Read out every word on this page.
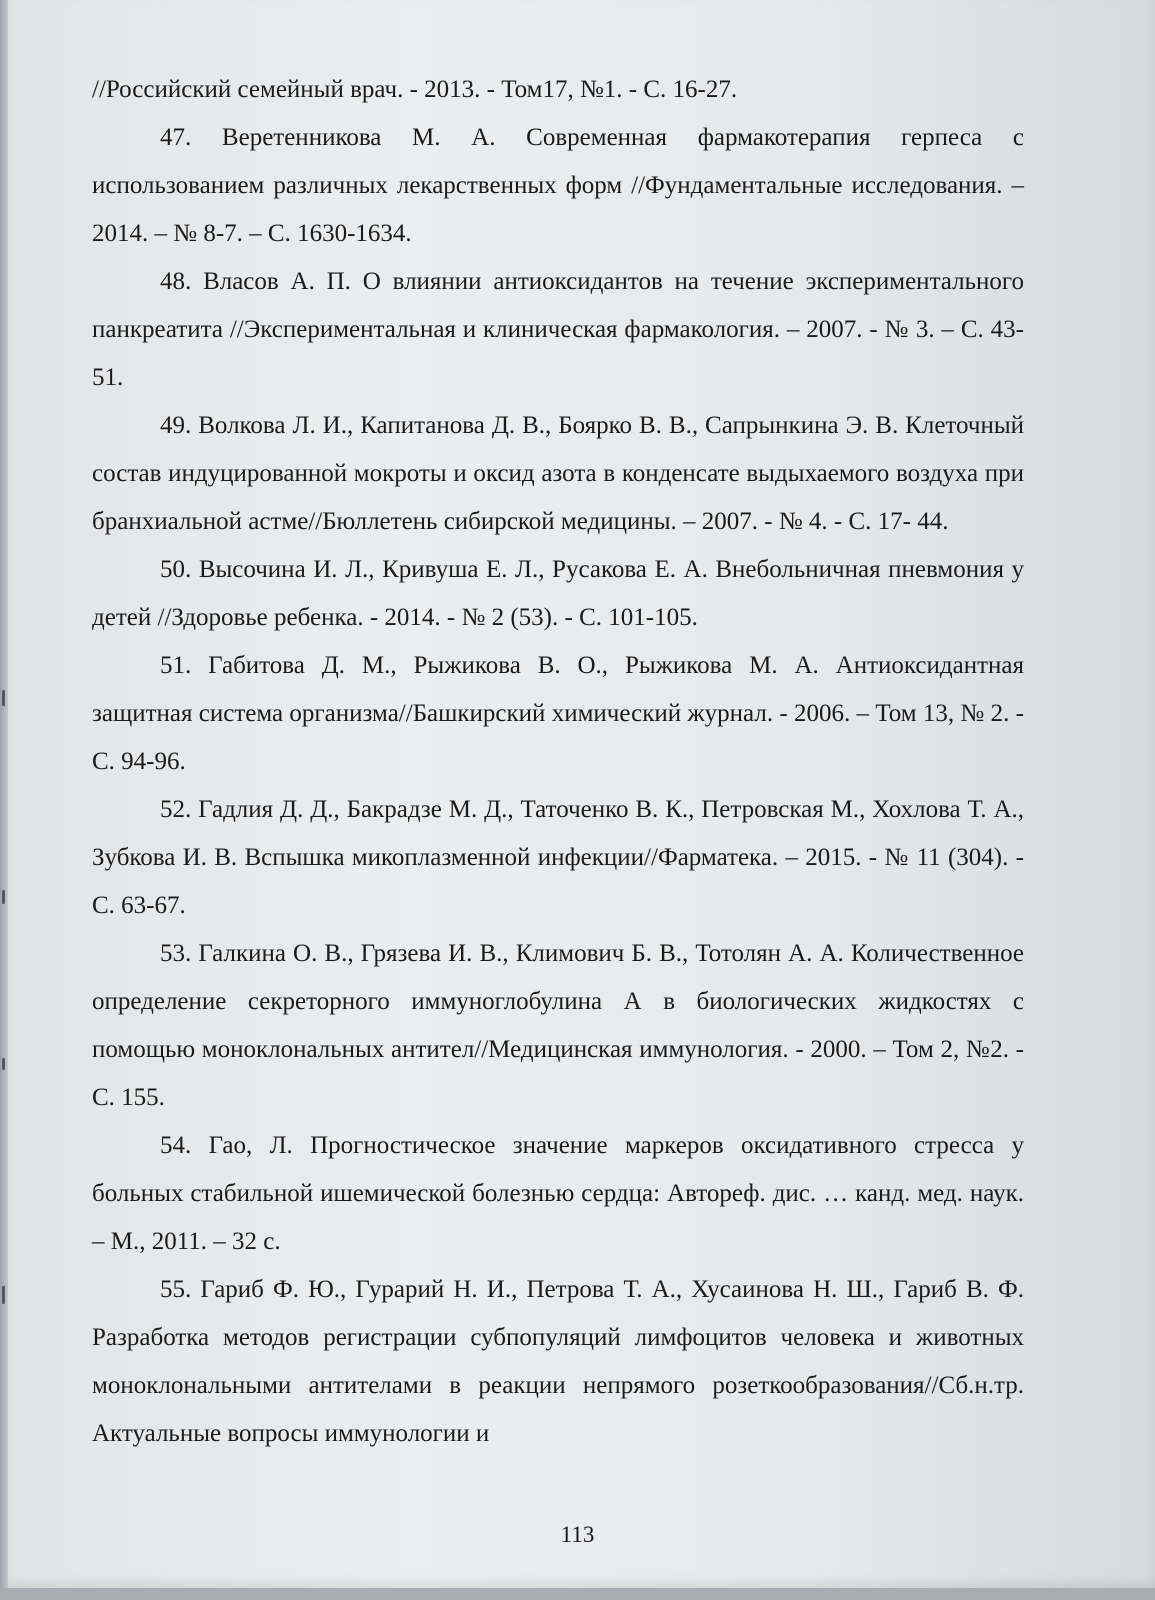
//Российский семейный врач. - 2013. - Том17, №1. - С. 16-27.

47. Веретенникова М. А. Современная фармакотерапия герпеса с использованием различных лекарственных форм //Фундаментальные исследования. – 2014. – № 8-7. – С. 1630-1634.

48. Власов А. П. О влиянии антиоксидантов на течение экспериментального панкреатита //Экспериментальная и клиническая фармакология. – 2007. - № 3. – С. 43-51.

49. Волкова Л. И., Капитанова Д. В., Боярко В. В., Сапрынкина Э. В. Клеточный состав индуцированной мокроты и оксид азота в конденсате выдыхаемого воздуха при бранхиальной астме//Бюллетень сибирской медицины. – 2007. - № 4. - С. 17- 44.

50. Высочина И. Л., Кривуша Е. Л., Русакова Е. А. Внебольничная пневмония у детей //Здоровье ребенка. - 2014. - № 2 (53). - С. 101-105.

51. Габитова Д. М., Рыжикова В. О., Рыжикова М. А. Антиоксидантная защитная система организма//Башкирский химический журнал. - 2006. – Том 13, № 2. - С. 94-96.

52. Гадлия Д. Д., Бакрадзе М. Д., Таточенко В. К., Петровская М., Хохлова Т. А., Зубкова И. В. Вспышка микоплазменной инфекции//Фарматека. – 2015. - № 11 (304). - С. 63-67.

53. Галкина О. В., Грязева И. В., Климович Б. В., Тотолян А. А. Количественное определение секреторного иммуноглобулина А в биологических жидкостях с помощью моноклональных антител//Медицинская иммунология. - 2000. – Том 2, №2. - С. 155.

54. Гао, Л. Прогностическое значение маркеров оксидативного стресса у больных стабильной ишемической болезнью сердца: Автореф. дис. … канд. мед. наук. – М., 2011. – 32 с.

55. Гариб Ф. Ю., Гурарий Н. И., Петрова Т. А., Хусаинова Н. Ш., Гариб В. Ф. Разработка методов регистрации субпопуляций лимфоцитов человека и животных моноклональными антителами в реакции непрямого розеткообразования//Сб.н.тр. Актуальные вопросы иммунологии и

113
